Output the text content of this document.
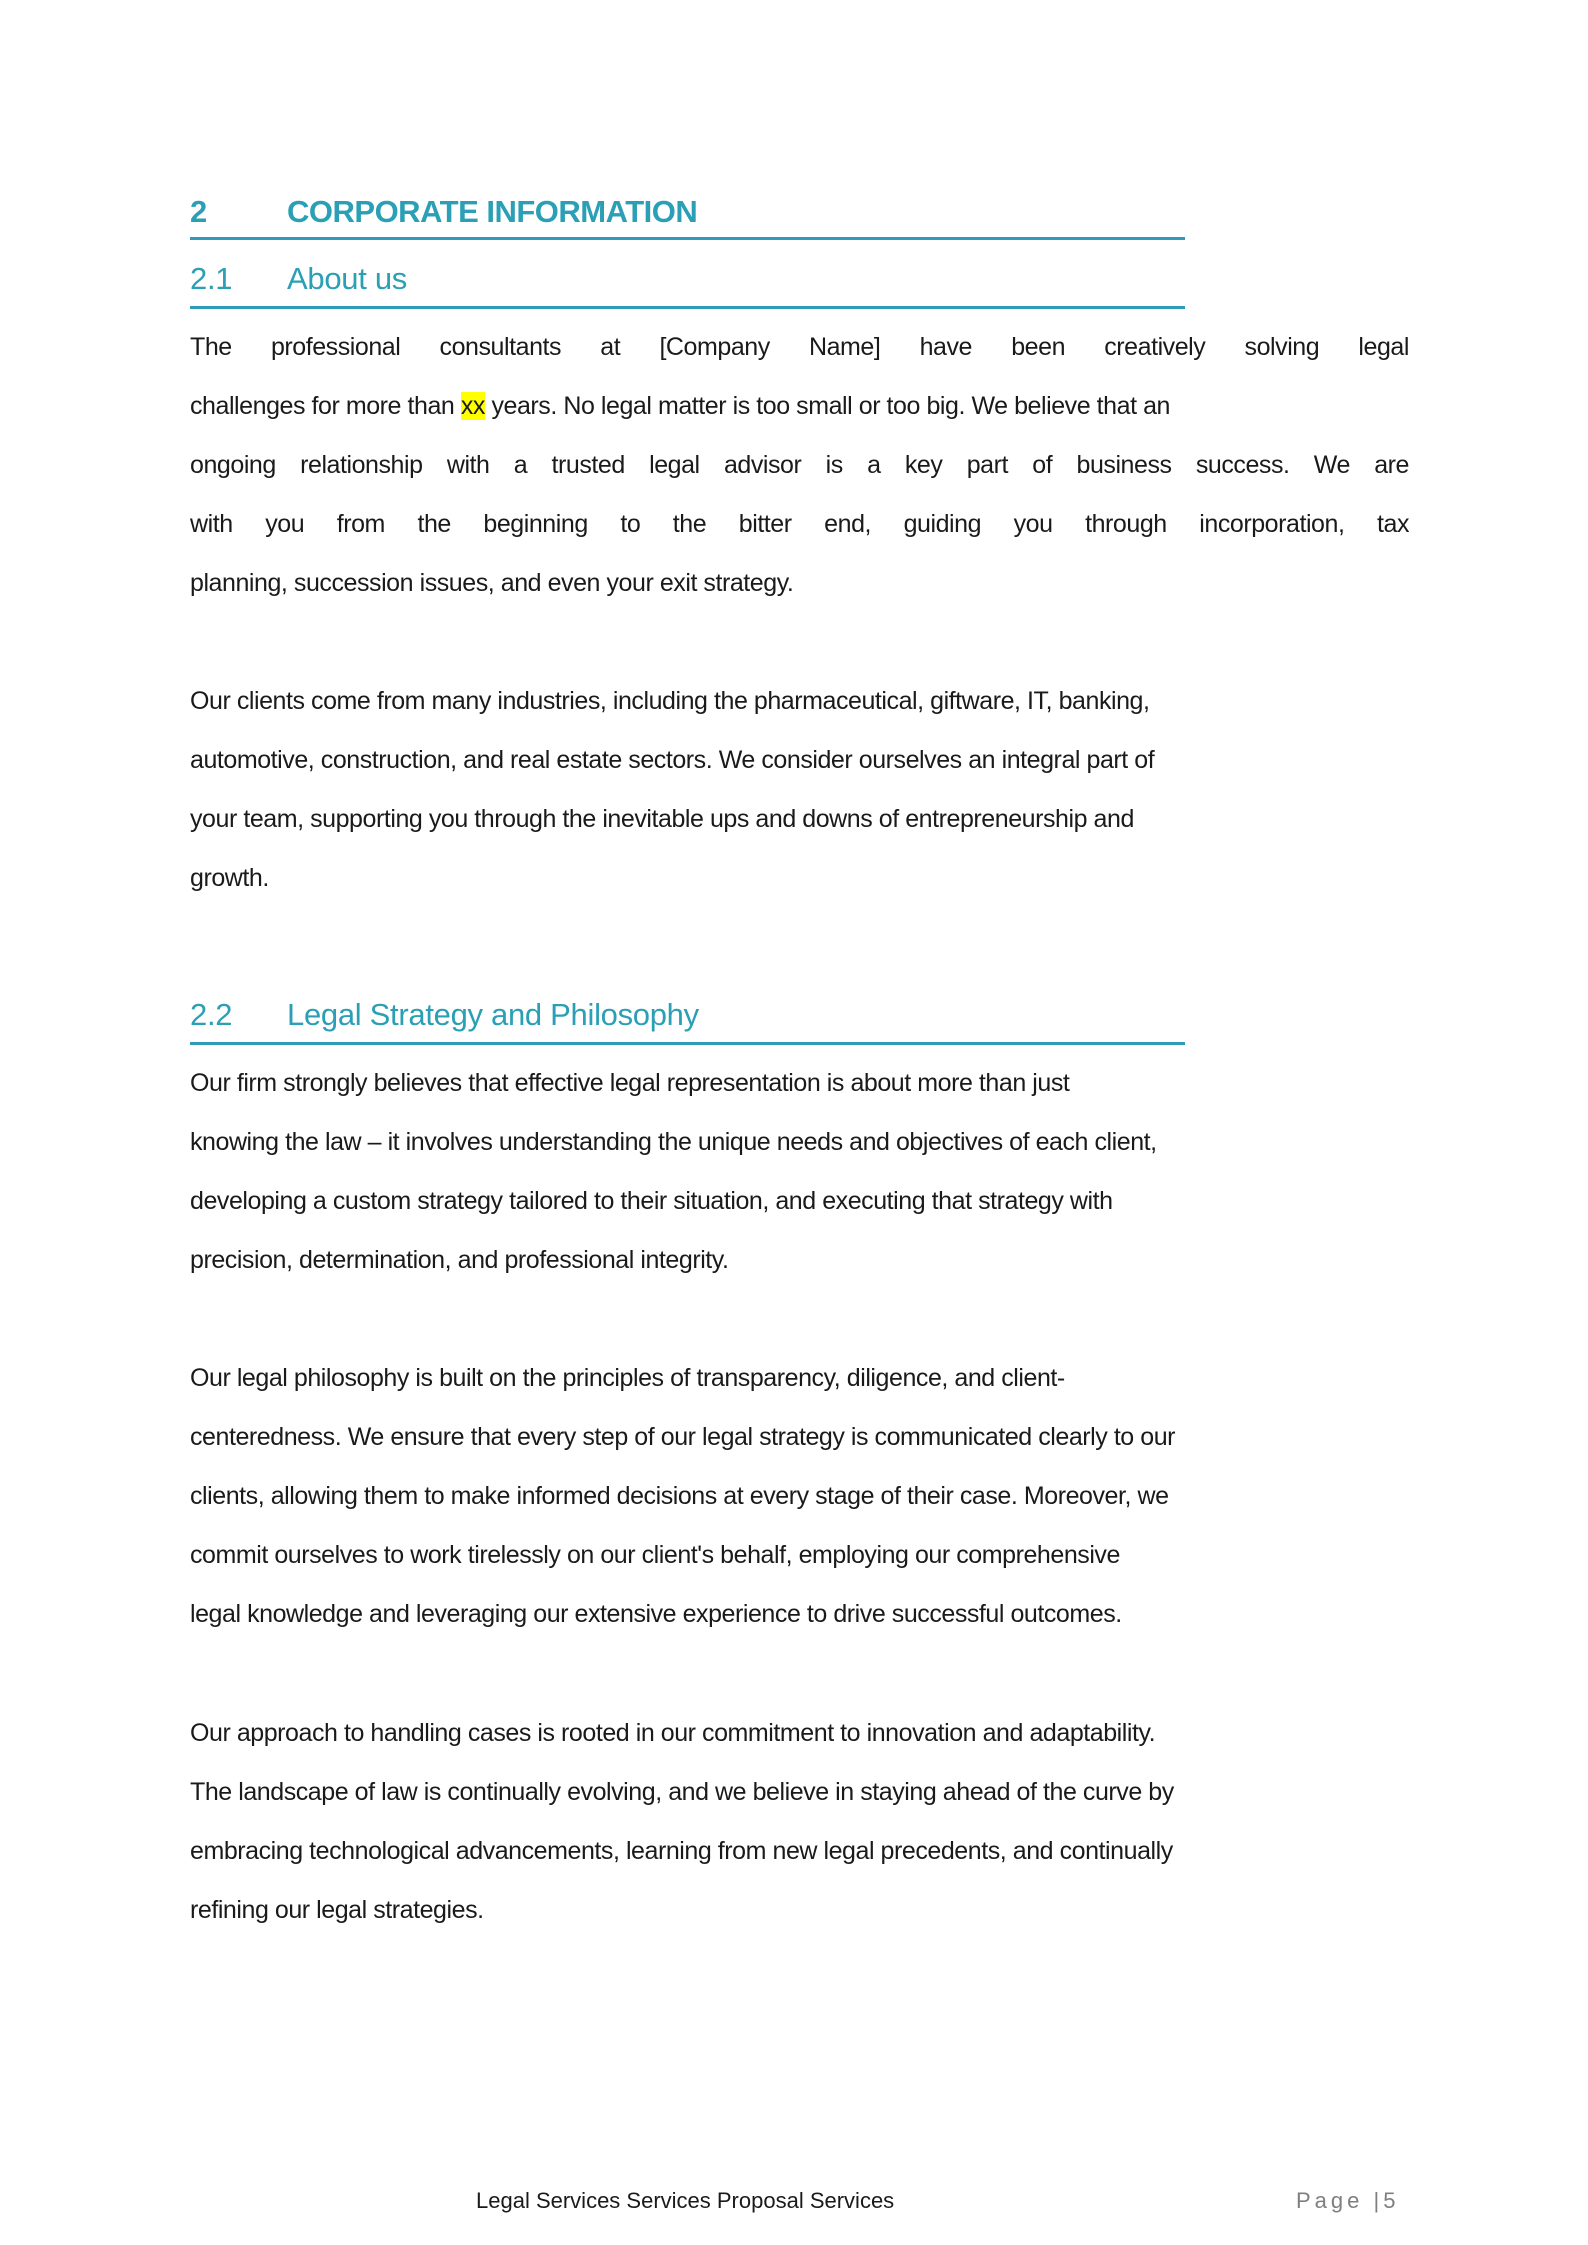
2	CORPORATE INFORMATION
2.1 About us
The professional consultants at [Company Name] have been creatively solving legal
challenges for more than xx years. No legal matter is too small or too big. We believe that an
ongoing relationship with a trusted legal advisor is a key part of business success. We are
with you from the beginning to the bitter end, guiding you through incorporation, tax
planning, succession issues, and even your exit strategy.
Our clients come from many industries, including the pharmaceutical, giftware, IT, banking,
automotive, construction, and real estate sectors. We consider ourselves an integral part of
your team, supporting you through the inevitable ups and downs of entrepreneurship and
growth.
2.2 Legal Strategy and Philosophy
Our firm strongly believes that effective legal representation is about more than just
knowing the law – it involves understanding the unique needs and objectives of each client,
developing a custom strategy tailored to their situation, and executing that strategy with
precision, determination, and professional integrity.
Our legal philosophy is built on the principles of transparency, diligence, and client-
centeredness. We ensure that every step of our legal strategy is communicated clearly to our
clients, allowing them to make informed decisions at every stage of their case. Moreover, we
commit ourselves to work tirelessly on our client's behalf, employing our comprehensive
legal knowledge and leveraging our extensive experience to drive successful outcomes.
Our approach to handling cases is rooted in our commitment to innovation and adaptability.
The landscape of law is continually evolving, and we believe in staying ahead of the curve by
embracing technological advancements, learning from new legal precedents, and continually
refining our legal strategies.
Legal Services Services Proposal Services	Page |5
